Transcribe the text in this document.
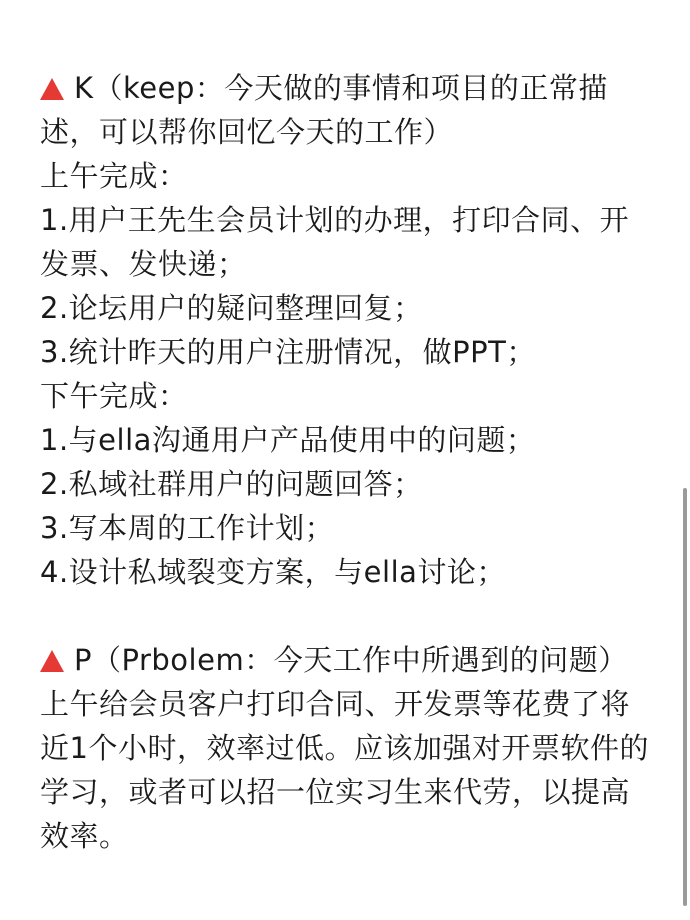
K（keep：今天做的事情和项目的正常描述，可以帮你回忆今天的工作）
上午完成：
1.用户王先生会员计划的办理，打印合同、开发票、发快递；
2.论坛用户的疑问整理回复；
3.统计昨天的用户注册情况，做PPT；
下午完成：
1.与ella沟通用户产品使用中的问题；
2.私域社群用户的问题回答；
3.写本周的工作计划；
4.设计私域裂变方案，与ella讨论；
P（Prbolem：今天工作中所遇到的问题）
上午给会员客户打印合同、开发票等花费了将近1个小时，效率过低。应该加强对开票软件的学习，或者可以招一位实习生来代劳，以提高效率。
